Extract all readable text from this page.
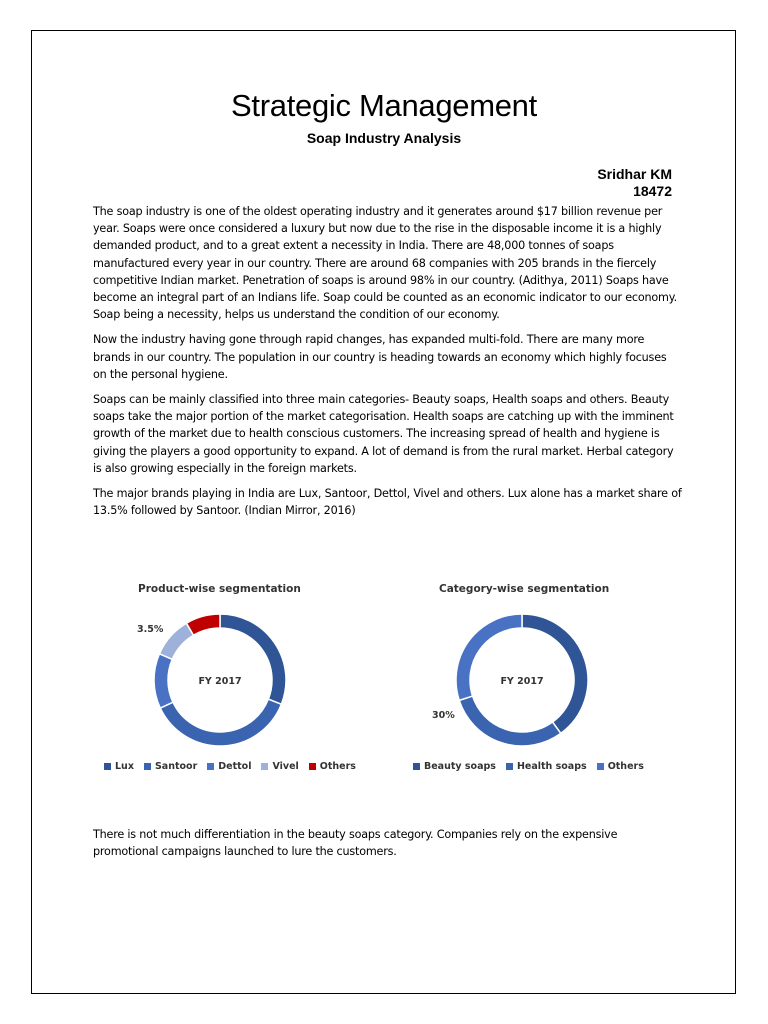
Strategic Management
Soap Industry Analysis
Sridhar KM
18472

The soap industry is one of the oldest operating industry and it generates around $17 billion revenue per year. Soaps were once considered a luxury but now due to the rise in the disposable income it is a highly demanded product, and to a great extent a necessity in India. There are 48,000 tonnes of soaps manufactured every year in our country. There are around 68 companies with 205 brands in the fiercely competitive Indian market. Penetration of soaps is around 98% in our country. (Adithya, 2011) Soaps have become an integral part of an Indians life. Soap could be counted as an economic indicator to our economy. Soap being a necessity, helps us understand the condition of our economy.

Now the industry having gone through rapid changes, has expanded multi-fold. There are many more brands in our country. The population in our country is heading towards an economy which highly focuses on the personal hygiene.

Soaps can be mainly classified into three main categories- Beauty soaps, Health soaps and others. Beauty soaps take the major portion of the market categorisation. Health soaps are catching up with the imminent growth of the market due to health conscious customers. The increasing spread of health and hygiene is giving the players a good opportunity to expand. A lot of demand is from the rural market. Herbal category is also growing especially in the foreign markets.

The major brands playing in India are Lux, Santoor, Dettol, Vivel and others. Lux alone has a market share of 13.5% followed by Santoor. (Indian Mirror, 2016)

Product-wise segmentation
FY 2017
3.5%
Lux Santoor Dettol Vivel Others
Category-wise segmentation
FY 2017
30%
Beauty soaps Health soaps Others
There is not much differentiation in the beauty soaps category. Companies rely on the expensive promotional campaigns launched to lure the customers.
